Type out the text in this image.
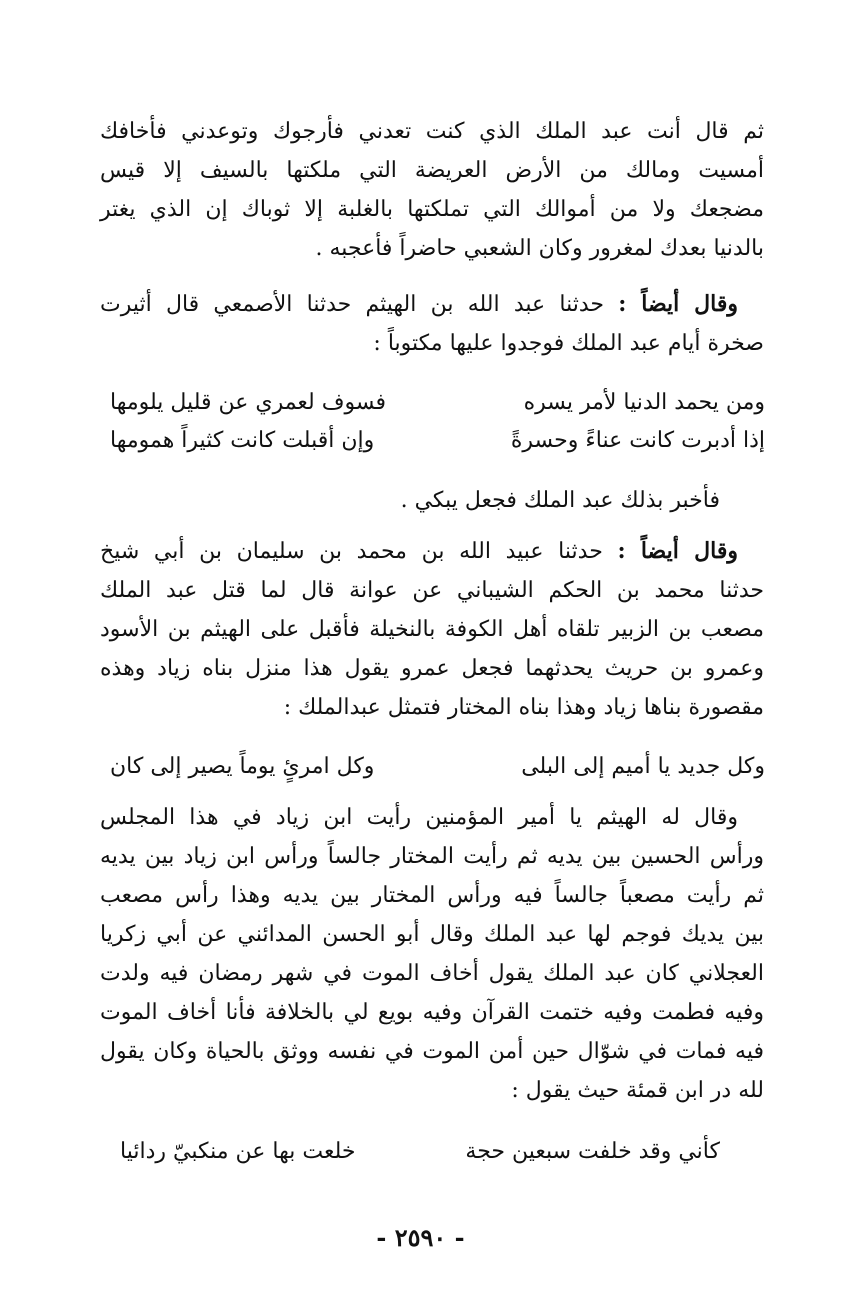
ثم قال أنت عبد الملك الذي كنت تعدني فأرجوك وتوعدني فأخافك
أمسيت ومالك من الأرض العريضة التي ملكتها بالسيف إلا قيس
مضجعك ولا من أموالك التي تملكتها بالغلبة إلا ثوباك إن الذي يغتر
بالدنيا بعدك لمغرور وكان الشعبي حاضراً فأعجبه .
وقال أيضاً : حدثنا عبد الله بن الهيثم حدثنا الأصمعي قال أثيرت
صخرة أيام عبد الملك فوجدوا عليها مكتوباً :
ومن يحمد الدنيا لأمر يسره
فسوف لعمري عن قليل يلومها
إذا أدبرت كانت عناءً وحسرةً
وإن أقبلت كانت كثيراً همومها
فأخبر بذلك عبد الملك فجعل يبكي .
وقال أيضاً : حدثنا عبيد الله بن محمد بن سليمان بن أبي شيخ
حدثنا محمد بن الحكم الشيباني عن عوانة قال لما قتل عبد الملك
مصعب بن الزبير تلقاه أهل الكوفة بالنخيلة فأقبل على الهيثم بن الأسود
وعمرو بن حريث يحدثهما فجعل عمرو يقول هذا منزل بناه زياد وهذه
مقصورة بناها زياد وهذا بناه المختار فتمثل عبدالملك :
وكل جديد يا أميم إلى البلى
وكل امرئٍ يوماً يصير إلى كان
وقال له الهيثم يا أمير المؤمنين رأيت ابن زياد في هذا المجلس
ورأس الحسين بين يديه ثم رأيت المختار جالساً ورأس ابن زياد بين يديه
ثم رأيت مصعباً جالساً فيه ورأس المختار بين يديه وهذا رأس مصعب
بين يديك فوجم لها عبد الملك وقال أبو الحسن المدائني عن أبي زكريا
العجلاني كان عبد الملك يقول أخاف الموت في شهر رمضان فيه ولدت
وفيه فطمت وفيه ختمت القرآن وفيه بويع لي بالخلافة فأنا أخاف الموت
فيه فمات في شوّال حين أمن الموت في نفسه ووثق بالحياة وكان يقول
لله در ابن قمئة حيث يقول :
كأني وقد خلفت سبعين حجة
خلعت بها عن منكبيّ ردائيا
- ٢٥٩٠ -
